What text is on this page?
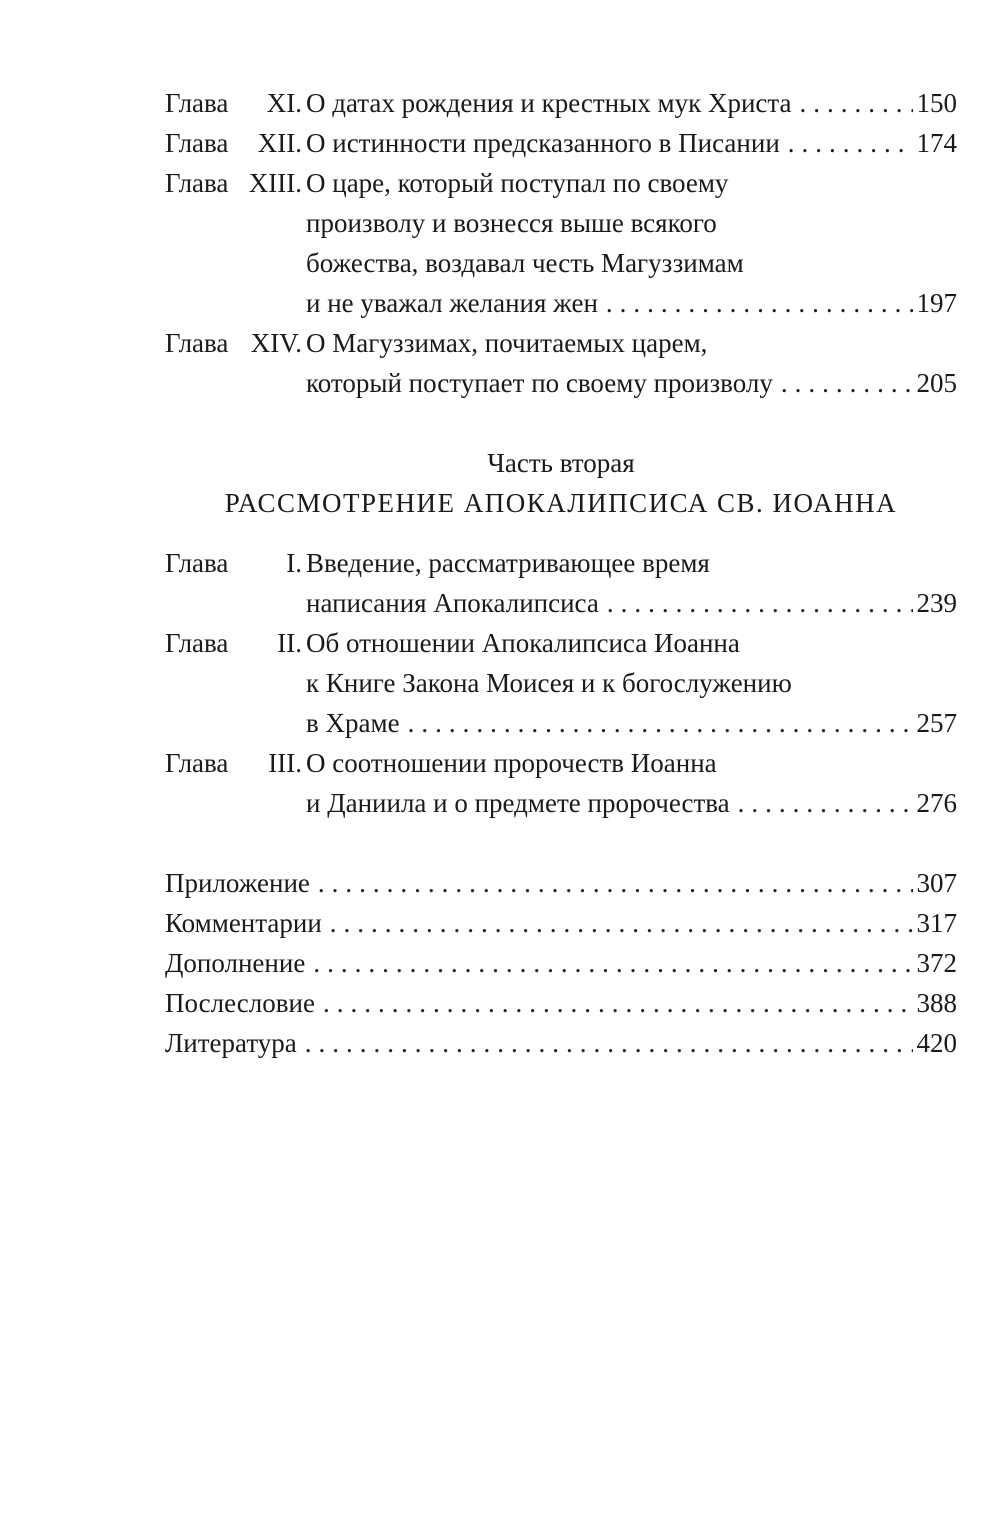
Глава	XI. О датах рождения и крестных мук Христа .....	150
Глава	XII. О истинности предсказанного в Писании .....	174
Глава XIII. О царе, который поступал по своему
произволу и вознесся выше всякого
божества, воздавал честь Магуззимам
и не уважал желания жен .....	197
Глава XIV. О Магуззимах, почитаемых царем,
который поступает по своему произволу .....	205
Часть вторая
РАССМОТРЕНИЕ АПОКАЛИПСИСА СВ. ИОАННА
Глава	I. Введение, рассматривающее время
написания Апокалипсиса .....	239
Глава	II. Об отношении Апокалипсиса Иоанна
к Книге Закона Моисея и к богослужению
в Храме .....	257
Глава	III. О соотношении пророчеств Иоанна
и Даниила и о предмете пророчества .....	276
Приложение .....	307
Комментарии .....	317
Дополнение .....	372
Послесловие .....	388
Литература .....	420
